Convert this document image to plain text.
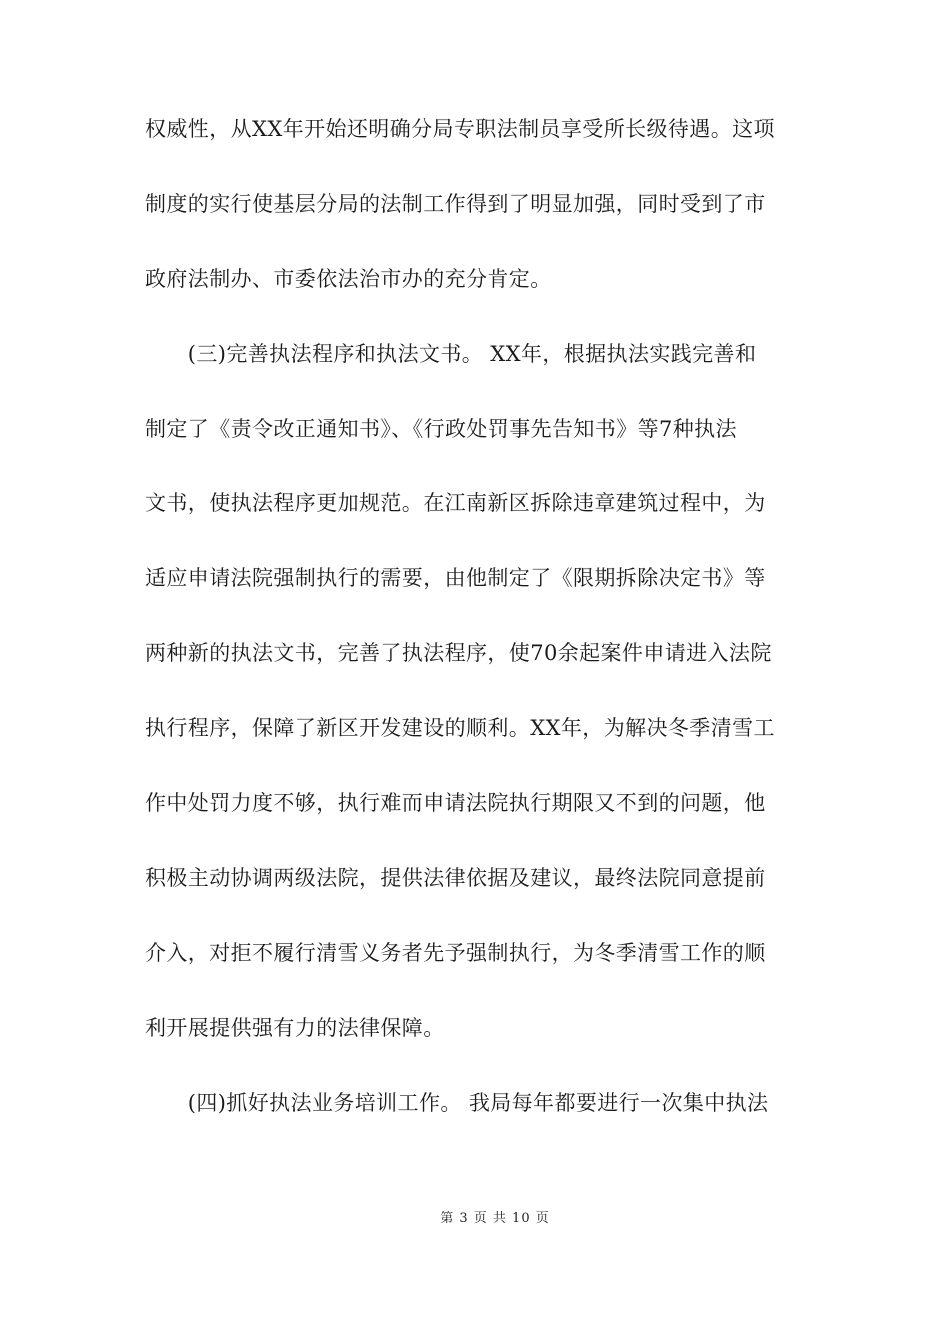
权威性，从XX年开始还明确分局专职法制员享受所长级待遇。这项
制度的实行使基层分局的法制工作得到了明显加强，同时受到了市
政府法制办、市委依法治市办的充分肯定。
　　(三)完善执法程序和执法文书。 XX年，根据执法实践完善和
制定了《责令改正通知书》、《行政处罚事先告知书》等7种执法
文书，使执法程序更加规范。在江南新区拆除违章建筑过程中，为
适应申请法院强制执行的需要，由他制定了《限期拆除决定书》等
两种新的执法文书，完善了执法程序，使70余起案件申请进入法院
执行程序，保障了新区开发建设的顺利。XX年，为解决冬季清雪工
作中处罚力度不够，执行难而申请法院执行期限又不到的问题，他
积极主动协调两级法院，提供法律依据及建议，最终法院同意提前
介入，对拒不履行清雪义务者先予强制执行，为冬季清雪工作的顺
利开展提供强有力的法律保障。
　　(四)抓好执法业务培训工作。 我局每年都要进行一次集中执法
第 3 页 共 10 页
